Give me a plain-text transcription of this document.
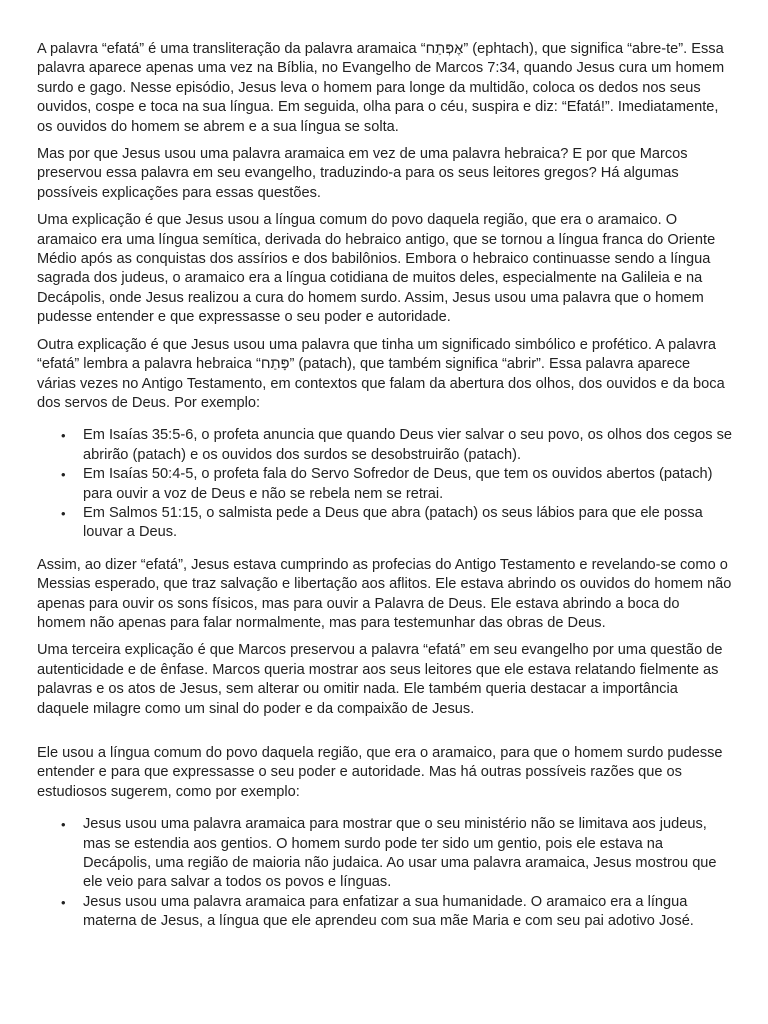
A palavra “efatá” é uma transliteração da palavra aramaica “אֶפְּתַח” (ephtach), que significa “abre-te”. Essa palavra aparece apenas uma vez na Bíblia, no Evangelho de Marcos 7:34, quando Jesus cura um homem surdo e gago. Nesse episódio, Jesus leva o homem para longe da multidão, coloca os dedos nos seus ouvidos, cospe e toca na sua língua. Em seguida, olha para o céu, suspira e diz: “Efatá!”. Imediatamente, os ouvidos do homem se abrem e a sua língua se solta.

Mas por que Jesus usou uma palavra aramaica em vez de uma palavra hebraica? E por que Marcos preservou essa palavra em seu evangelho, traduzindo-a para os seus leitores gregos? Há algumas possíveis explicações para essas questões.

Uma explicação é que Jesus usou a língua comum do povo daquela região, que era o aramaico. O aramaico era uma língua semítica, derivada do hebraico antigo, que se tornou a língua franca do Oriente Médio após as conquistas dos assírios e dos babilônios. Embora o hebraico continuasse sendo a língua sagrada dos judeus, o aramaico era a língua cotidiana de muitos deles, especialmente na Galileia e na Decápolis, onde Jesus realizou a cura do homem surdo. Assim, Jesus usou uma palavra que o homem pudesse entender e que expressasse o seu poder e autoridade.

Outra explicação é que Jesus usou uma palavra que tinha um significado simbólico e profético. A palavra “efatá” lembra a palavra hebraica “פָּתַח” (patach), que também significa “abrir”. Essa palavra aparece várias vezes no Antigo Testamento, em contextos que falam da abertura dos olhos, dos ouvidos e da boca dos servos de Deus. Por exemplo:

• Em Isaías 35:5-6, o profeta anuncia que quando Deus vier salvar o seu povo, os olhos dos cegos se abrirão (patach) e os ouvidos dos surdos se desobstruirão (patach).
• Em Isaías 50:4-5, o profeta fala do Servo Sofredor de Deus, que tem os ouvidos abertos (patach) para ouvir a voz de Deus e não se rebela nem se retrai.
• Em Salmos 51:15, o salmista pede a Deus que abra (patach) os seus lábios para que ele possa louvar a Deus.

Assim, ao dizer “efatá”, Jesus estava cumprindo as profecias do Antigo Testamento e revelando-se como o Messias esperado, que traz salvação e libertação aos aflitos. Ele estava abrindo os ouvidos do homem não apenas para ouvir os sons físicos, mas para ouvir a Palavra de Deus. Ele estava abrindo a boca do homem não apenas para falar normalmente, mas para testemunhar das obras de Deus.

Uma terceira explicação é que Marcos preservou a palavra “efatá” em seu evangelho por uma questão de autenticidade e de ênfase. Marcos queria mostrar aos seus leitores que ele estava relatando fielmente as palavras e os atos de Jesus, sem alterar ou omitir nada. Ele também queria destacar a importância daquele milagre como um sinal do poder e da compaixão de Jesus.

Ele usou a língua comum do povo daquela região, que era o aramaico, para que o homem surdo pudesse entender e para que expressasse o seu poder e autoridade. Mas há outras possíveis razões que os estudiosos sugerem, como por exemplo:

• Jesus usou uma palavra aramaica para mostrar que o seu ministério não se limitava aos judeus, mas se estendia aos gentios. O homem surdo pode ter sido um gentio, pois ele estava na Decápolis, uma região de maioria não judaica. Ao usar uma palavra aramaica, Jesus mostrou que ele veio para salvar a todos os povos e línguas.
• Jesus usou uma palavra aramaica para enfatizar a sua humanidade. O aramaico era a língua materna de Jesus, a língua que ele aprendeu com sua mãe Maria e com seu pai adotivo José.
